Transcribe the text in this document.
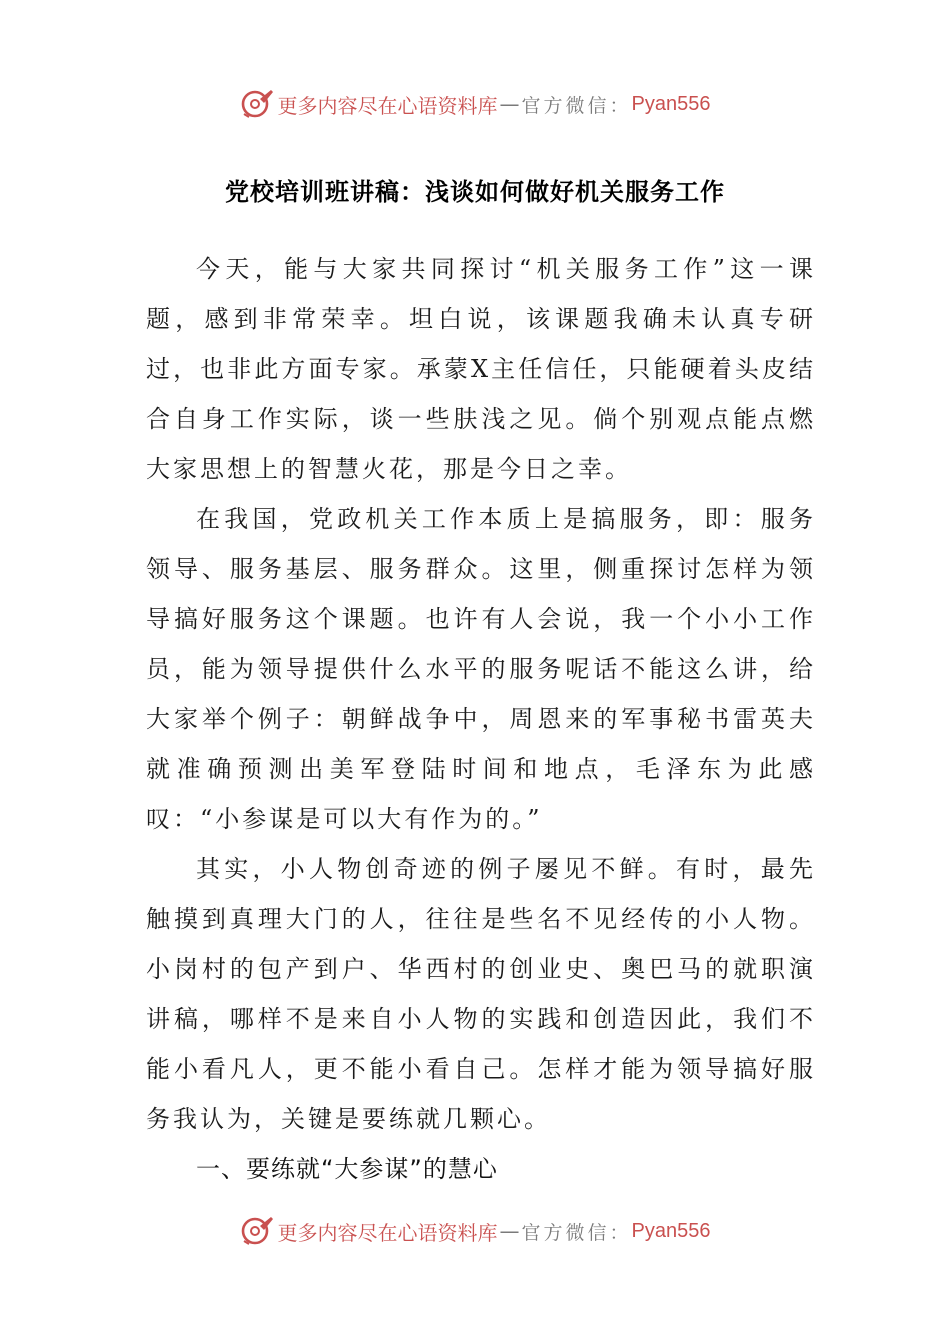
更多内容尽在心语资料库 — 官方微信： Pyan556
党校培训班讲稿：浅谈如何做好机关服务工作

今天，能与大家共同探讨“机关服务工作”这一课题，感到非常荣幸。坦白说，该课题我确未认真专研过，也非此方面专家。承蒙X主任信任，只能硬着头皮结合自身工作实际，谈一些肤浅之见。倘个别观点能点燃大家思想上的智慧火花，那是今日之幸。

在我国，党政机关工作本质上是搞服务，即：服务领导、服务基层、服务群众。这里，侧重探讨怎样为领导搞好服务这个课题。也许有人会说，我一个小小工作员，能为领导提供什么水平的服务呢话不能这么讲，给大家举个例子：朝鲜战争中，周恩来的军事秘书雷英夫就准确预测出美军登陆时间和地点，毛泽东为此感叹：“小参谋是可以大有作为的。”

其实，小人物创奇迹的例子屡见不鲜。有时，最先触摸到真理大门的人，往往是些名不见经传的小人物。小岗村的包产到户、华西村的创业史、奥巴马的就职演讲稿，哪样不是来自小人物的实践和创造因此，我们不能小看凡人，更不能小看自己。怎样才能为领导搞好服务我认为，关键是要练就几颗心。

一、要练就“大参谋”的慧心

更多内容尽在心语资料库 — 官方微信： Pyan556
